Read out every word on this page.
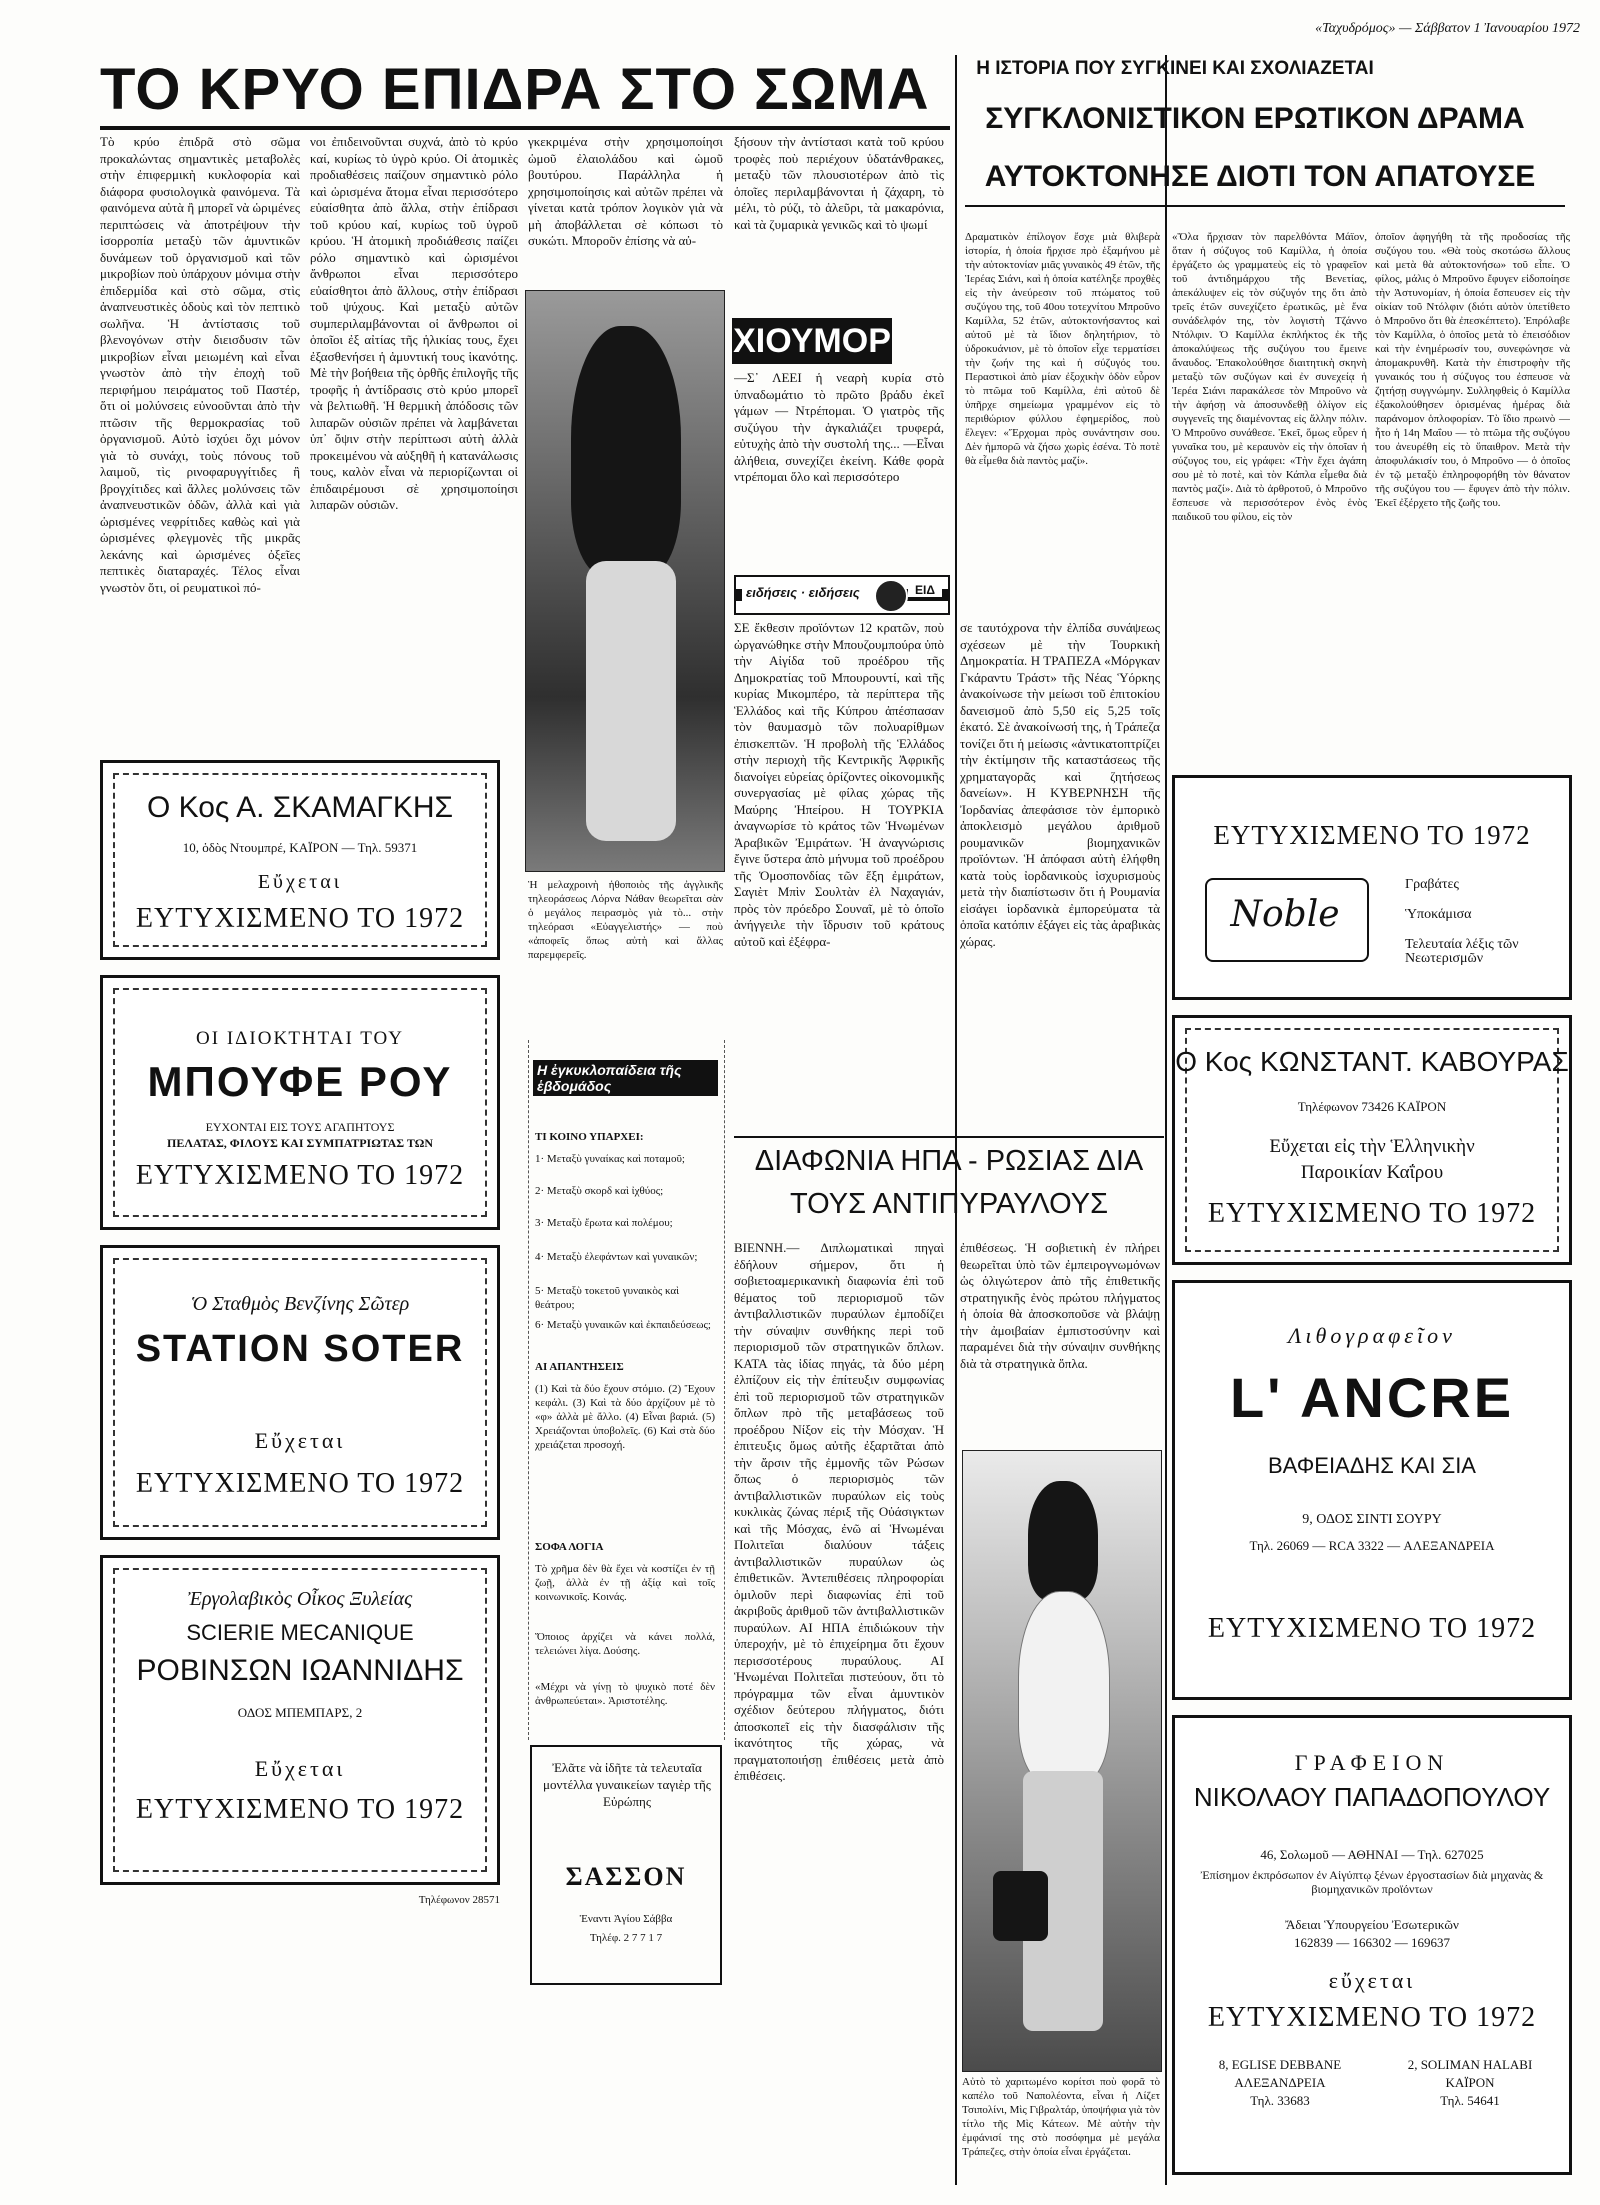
«Ταχυδρόμος» — Σάββατον 1 Ἰανουαρίου 1972
ΤΟ ΚΡΥΟ ΕΠΙΔΡΑ ΣΤΟ ΣΩΜΑ
Τὸ κρύο ἐπιδρᾶ στὸ σῶμα προκαλώντας σημαντικὲς μεταβολὲς στὴν ἐπιφερμικὴ κυκλοφορία καὶ διάφορα φυσιολογικὰ φαινόμενα. Τὰ φαινόμενα αὐτὰ ἢ μπορεῖ νὰ ὡριμένες περιπτώσεις νὰ ἀποτρέψουν τὴν ἰσορροπία μεταξὺ τῶν ἀμυντικῶν δυνάμεων τοῦ ὀργανισμοῦ καὶ τῶν μικροβίων ποὺ ὑπάρχουν μόνιμα στὴν ἐπιδερμίδα καὶ στὸ σῶμα, στὶς ἀναπνευστικὲς ὁδοὺς καὶ τὸν πεπτικὸ σωλῆνα. Ἡ ἀντίστασις τοῦ βλενογόνων στὴν διεισδυσιν τῶν μικροβίων εἶναι μειωμένη καὶ εἶναι γνωστὸν ἀπὸ τὴν ἐποχὴ τοῦ περιφήμου πειράματος τοῦ Παστέρ, ὅτι οἱ μολύνσεις εὐνοοῦνται ἀπὸ τὴν πτῶσιν τῆς θερμοκρασίας τοῦ ὀργανισμοῦ. Αὐτὸ ἰσχύει ὄχι μόνον γιὰ τὸ συνάχι, τοὺς πόνους τοῦ λαιμοῦ, τὶς ρινοφαρυγγίτιδες ἢ βρογχίτιδες καὶ ἄλλες μολύνσεις τῶν ἀναπνευστικῶν ὁδῶν, ἀλλὰ καὶ γιὰ ὡρισμένες νεφρίτιδες καθὼς καὶ γιὰ ὡρισμένες φλεγμονὲς τῆς μικρᾶς λεκάνης καὶ ὡρισμένες ὀξεῖες πεπτικὲς διαταραχές. Τέλος εἶναι γνωστὸν ὅτι, οἱ ρευματικοὶ πό-
νοι ἐπιδεινοῦνται συχνά, ἀπὸ τὸ κρύο καί, κυρίως τὸ ὑγρὸ κρύο. Οἱ ἀτομικὲς προδιαθέσεις παίζουν σημαντικὸ ρόλο καὶ ὡρισμένα ἄτομα εἶναι περισσότερο εὐαίσθητα ἀπὸ ἄλλα, στὴν ἐπίδρασι τοῦ κρύου καί, κυρίως τοῦ ὑγροῦ κρύου. Ἡ ἀτομικὴ προδιάθεσις παίζει ρόλο σημαντικὸ καὶ ὡρισμένοι ἄνθρωποι εἶναι περισσότερο εὐαίσθητοι ἀπὸ ἄλλους, στὴν ἐπίδρασι τοῦ ψύχους. Καὶ μεταξὺ αὐτῶν συμπεριλαμβάνονται οἱ ἄνθρωποι οἱ ὁποῖοι ἐξ αἰτίας τῆς ἡλικίας τους, ἔχει ἐξασθενήσει ἡ ἀμυντική τους ἱκανότης. Μὲ τὴν βοήθεια τῆς ὀρθῆς ἐπιλογῆς τῆς τροφῆς ἡ ἀντίδρασις στὸ κρύο μπορεῖ νὰ βελτιωθῆ. Ἡ θερμικὴ ἀπόδοσις τῶν λιπαρῶν οὐσιῶν πρέπει νὰ λαμβάνεται ὑπ᾽ ὄψιν στὴν περίπτωσι αὐτὴ ἀλλὰ προκειμένου νὰ αὐξηθῆ ἡ κατανάλωσις τους, καλὸν εἶναι νὰ περιορίζωνται οἱ ἐπιδαιρέμουσι σὲ χρησιμοποίησι λιπαρῶν οὐσιῶν.
γκεκριμένα στὴν χρησιμοποίησι ὡμοῦ ἐλαιολάδου καὶ ὡμοῦ βουτύρου. Παράλληλα ἡ χρησιμοποίησις καὶ αὐτῶν πρέπει νὰ γίνεται κατὰ τρόπον λογικὸν γιὰ νὰ μὴ ἀποβάλλεται σὲ κόπωσι τὸ συκώτι. Μποροῦν ἐπίσης νὰ αὐ-
ξήσουν τὴν ἀντίστασι κατὰ τοῦ κρύου τροφὲς ποὺ περιέχουν ὑδατάνθρακες, μεταξὺ τῶν πλουσιοτέρων ἀπὸ τὶς ὁποῖες περιλαμβάνονται ἡ ζάχαρη, τὸ μέλι, τὸ ρύζι, τὸ ἀλεῦρι, τὰ μακαρόνια, καὶ τὰ ζυμαρικὰ γενικῶς καὶ τὸ ψωμί
Ἡ μελαχροινὴ ἡθοποιὸς τῆς ἀγγλικῆς τηλεοράσεως Λόρνα Νάθαν θεωρεῖται σὰν ὁ μεγάλος πειρασμὸς γιὰ τὸ... στὴν τηλεόρασι «Εὐαγγελιστής» — ποὺ «ἀποφεῖς ὅπως αὐτὴ καὶ ἄλλας παρεμφερεῖς.
ΧΙΟΥΜΟΡ
—Σ᾽ ΛΕΕΙ ἡ νεαρὴ κυρία στὸ ὑπναδωμάτιο τὸ πρῶτο βράδυ ἐκεῖ γάμων — Ντρέπομαι. Ὁ γιατρὸς τῆς συζύγου τὴν ἀγκαλιάζει τρυφερά, εὐτυχὴς ἀπὸ τὴν συστολή της... —Εἶναι ἀλήθεια, συνεχίζει ἐκείνη. Κάθε φορὰ ντρέπομαι ὅλο καὶ περισσότερο
ειδήσεις · ειδήσεις	ΕΙΔ
ΣΕ ἔκθεσιν προϊόντων 12 κρατῶν, ποὺ ὠργανώθηκε στὴν Μπουζουμπούρα ὑπὸ τὴν Αἰγίδα τοῦ προέδρου τῆς Δημοκρατίας τοῦ Μπουρουντί, καὶ τῆς κυρίας Μικομπέρο, τὰ περίπτερα τῆς Ἑλλάδος καὶ τῆς Κύπρου ἀπέσπασαν τὸν θαυμασμὸ τῶν πολυαρίθμων ἐπισκεπτῶν. Ἡ προβολὴ τῆς Ἑλλάδος στὴν περιοχὴ τῆς Κεντρικῆς Ἀφρικῆς διανοίγει εὐρείας ὁρίζοντες οἰκονομικῆς συνεργασίας μὲ φίλας χώρας τῆς Μαύρης Ἠπείρου. Η ΤΟΥΡΚΙΑ ἀναγνωρίσε τὸ κράτος τῶν Ἡνωμένων Ἀραβικῶν Ἐμιράτων. Ἡ ἀναγνώρισις ἔγινε ὕστερα ἀπὸ μήνυμα τοῦ προέδρου τῆς Ὁμοσπονδίας τῶν ἕξη ἐμιράτων, Σαγιὲτ Μπὶν Σουλτὰν ἐλ Ναχαγιάν, πρὸς τὸν πρόεδρο Σουναῖ, μὲ τὸ ὁποῖο ἀνήγγειλε τὴν ἵδρυσιν τοῦ κράτους αὐτοῦ καὶ ἐξέφρα-
σε ταυτόχρονα τὴν ἐλπίδα συνάψεως σχέσεων μὲ τὴν Τουρκικὴ Δημοκρατία. Η ΤΡΑΠΕΖΑ «Μόργκαν Γκάραντυ Τράστ» τῆς Νέας Ὑόρκης ἀνακοίνωσε τὴν μείωσι τοῦ ἐπιτοκίου δανεισμοῦ ἀπὸ 5,50 εἰς 5,25 τοῖς ἑκατό. Σὲ ἀνακοίνωσή της, ἡ Τράπεζα τονίζει ὅτι ἡ μείωσις «ἀντικατοπτρίζει τὴν ἐκτίμησιν τῆς καταστάσεως τῆς χρηματαγορᾶς καὶ ζητήσεως δανείων». Η ΚΥΒΕΡΝΗΣΗ τῆς Ἰορδανίας ἀπεφάσισε τὸν ἐμπορικὸ ἀποκλεισμὸ μεγάλου ἀριθμοῦ ρουμανικῶν βιομηχανικῶν προϊόντων. Ἡ ἀπόφασι αὐτὴ ἐλήφθη κατὰ τοὺς ἰορδανικοὺς ἰσχυρισμοὺς μετὰ τὴν διαπίστωσιν ὅτι ἡ Ρουμανία εἰσάγει ἰορδανικὰ ἐμπορεύματα τὰ ὁποῖα κατόπιν ἐξάγει εἰς τὰς ἀραβικὰς χώρας.
Η ΙΣΤΟΡΙΑ ΠΟΥ ΣΥΓΚΙΝΕΙ ΚΑΙ ΣΧΟΛΙΑΖΕΤΑΙ
ΣΥΓΚΛΟΝΙΣΤΙΚΟΝ ΕΡΩΤΙΚΟΝ ΔΡΑΜΑ
ΑΥΤΟΚΤΟΝΗΣΕ ΔΙΟΤΙ ΤΟΝ ΑΠΑΤΟΥΣΕ
Δραματικὸν ἐπίλογον ἔσχε μιὰ θλιβερὰ ἱστορία, ἡ ὁποία ἤρχισε πρὸ ἑξαμήνου μὲ τὴν αὐτοκτονίαν μιᾶς γυναικὸς 49 ἐτῶν, τῆς Ἱερέας Σιάνι, καὶ ἡ ὁποία κατέληξε προχθὲς εἰς τὴν ἀνεύρεσιν τοῦ πτώματος τοῦ συζύγου της, τοῦ 40ου τοτεχνίτου Μπροῦνο Καμίλλα, 52 ἐτῶν, αὐτοκτονήσαντος καὶ αὐτοῦ μὲ τὰ ἴδιον δηλητήριον, τὸ ὑδροκυάνιον, μὲ τὸ ὁποῖον εἶχε τερματίσει τὴν ζωήν της καὶ ἡ σύζυγός του. Περαστικοὶ ἀπὸ μίαν ἐξοχικὴν ὁδὸν εὗρον τὸ πτῶμα τοῦ Καμίλλα, ἐπὶ αὐτοῦ δὲ ὑπῆρχε σημείωμα γραμμένον εἰς τὸ περιθώριον φύλλου ἐφημερίδος, ποὺ ἔλεγεν: «Ἔρχομαι πρὸς συνάντησιν σου. Δὲν ἠμπορῶ νὰ ζήσω χωρὶς ἐσένα. Τὸ ποτὲ θὰ εἶμεθα διὰ παντὸς μαζί».
«Ὅλα ἤρχισαν τὸν παρελθόντα Μάϊον, ὅταν ἡ σύζυγος τοῦ Καμίλλα, ἡ ὁποία ἐργάζετο ὡς γραμματεὺς εἰς τὸ γραφεῖον τοῦ ἀντιδημάρχου τῆς Βενετίας, ἀπεκάλυψεν εἰς τὸν σύζυγόν της ὅτι ἀπὸ τρεῖς ἐτῶν συνεχίζετο ἐρωτικῶς, μὲ ἕνα συνάδελφόν της, τὸν λογιστὴ Τζάννο Ντόλφιν. Ὁ Καμίλλα ἐκπλήκτος ἐκ τῆς ἀποκαλύψεως τῆς συζύγου του ἔμεινε ἄναυδος. Ἐπακολούθησε διαιτητικὴ σκηνὴ μεταξὺ τῶν συζύγων καὶ ἐν συνεχείᾳ ἡ Ἱερέα Σιάνι παρακάλεσε τὸν Μπροῦνο νὰ τὴν ἀφήσῃ νὰ ἀποσυνδεθῇ ὀλίγον εἰς συγγενεῖς της διαμένοντας εἰς ἄλλην πόλιν. Ὁ Μπροῦνο συνάθεσε. Ἐκεῖ, ὅμως εὗρεν ἡ γυναῖκα του, μὲ κεραυνὸν εἰς τὴν ὁποῖαν ἡ σύζυγος του, εἰς γράφει: «Τὴν ἔχει ἀγάπη σου μὲ τὸ ποτὲ, καὶ τὸν Κάπλα εἶμεθα διὰ παντὸς μαζί». Διὰ τὸ ἀρθροτοῦ, ὁ Μπροῦνο ἔσπευσε νὰ περισσότερον ἐνὸς ἑνὸς παιδικοῦ του φίλου, εἰς τὸν
ὁποῖον ἀφηγήθη τὰ τῆς προδοσίας τῆς συζύγου του. «Θὰ τοὺς σκοτώσω ἄλλους καὶ μετὰ θὰ αὐτοκτονήσω» τοῦ εἶπε. Ὁ φίλος, μάλις ὁ Μπροῦνο ἔφυγεν εἰδοποίησε τὴν Ἀστυνομίαν, ἡ ὁποία ἔσπευσεν εἰς τὴν οἰκίαν τοῦ Ντόλφιν (διότι αὐτὸν ὑπετίθετο ὁ Μπροῦνο ὅτι θὰ ἐπεσκέπτετο). Ἐπρόλαβε τὸν Καμίλλα, ὁ ὁποῖος μετὰ τὸ ἐπεισόδιον καὶ τὴν ἐνημέρωσίν του, συνεφώνησε νὰ ἀπομακρυνθῆ. Κατὰ τὴν ἐπιστροφὴν τῆς γυναικός του ἡ σύζυγος του ἐσπευσε νὰ ζητήσῃ συγγνώμην. Συλληφθεὶς ὁ Καμίλλα ἐξακολούθησεν ὁρισμένας ἡμέρας διὰ παράνομον ὁπλοφορίαν. Τὸ ἴδιο πρωινὸ — ἦτο ἡ 14η Μαΐου — τὸ πτῶμα τῆς συζύγου του ἀνευρέθη εἰς τὸ ὕπαιθρον. Μετὰ τὴν ἀποφυλάκισίν του, ὁ Μπροῦνο — ὁ ὁποῖος ἐν τῷ μεταξὺ ἐπληροφορήθη τὸν θάνατον τῆς συζύγου του — ἔφυγεν ἀπὸ τὴν πόλιν. Ἐκεῖ ἐξέρχετο τῆς ζωῆς του.
Η ἐγκυκλοπαίδεια τῆς ἑβδομάδος
ΤΙ ΚΟΙΝΟ ΥΠΑΡΧΕΙ:
1· Μεταξὺ γυναίκας καὶ ποταμοῦ;
2· Μεταξὺ σκορδ καὶ ἰχθύος;
3· Μεταξὺ ἔρωτα καὶ πολέμου;
4· Μεταξὺ ἐλεφάντων καὶ γυναικῶν;
5· Μεταξὺ τοκετοῦ γυναικὸς καὶ θεάτρου;
6· Μεταξὺ γυναικῶν καὶ ἐκπαιδεύσεως;
ΑΙ ΑΠΑΝΤΗΣΕΙΣ
(1) Καὶ τὰ δύο ἔχουν στόμιο. (2) Ἔχουν κεφάλι. (3) Καὶ τὰ δύο ἀρχίζουν μὲ τὸ «φ» ἀλλὰ μὲ ἄλλο. (4) Εἶναι βαριά. (5) Χρειάζονται ὑποβολεῖς. (6) Καὶ στὰ δύο χρειάζεται προσοχή.
ΣΟΦΑ ΛΟΓΙΑ
Τὸ χρῆμα δὲν θὰ ἔχει νὰ κοστίζει ἐν τῇ ζωῇ, ἀλλὰ ἐν τῇ ἀξίᾳ καὶ τοῖς κοινωνικοῖς. Κοινάς.
Ὅποιος ἀρχίζει νὰ κάνει πολλά, τελειώνει λίγα. Δούσης.
«Μέχρι νὰ γίνῃ τὸ ψυχικὸ ποτέ δὲν ἀνθρωπεύεται». Ἀριστοτέλης.
Ἐλᾶτε νὰ ἰδῆτε τὰ τελευταῖα μοντέλλα γυναικείων ταγιὲρ τῆς Εὐρώπης
ΣΑΣΣΟΝ
Ἐναντι Ἁγίου Σάββα
Τηλέφ. 2 7 7 1 7
ΔΙΑΦΩΝΙΑ ΗΠΑ - ΡΩΣΙΑΣ ΔΙΑ
ΤΟΥΣ ΑΝΤΙΠΥΡΑΥΛΟΥΣ
ΒΙΕΝΝΗ.— Διπλωματικαὶ πηγαὶ ἐδήλουν σήμερον, ὅτι ἡ σοβιετοαμερικανικὴ διαφωνία ἐπὶ τοῦ θέματος τοῦ περιορισμοῦ τῶν ἀντιβαλλιστικῶν πυραύλων ἐμποδίζει τὴν σύναψιν συνθήκης περὶ τοῦ περιορισμοῦ τῶν στρατηγικῶν ὅπλων. ΚΑΤΑ τὰς ἰδίας πηγάς, τὰ δύο μέρη ἐλπίζουν εἰς τὴν ἐπίτευξιν συμφωνίας ἐπὶ τοῦ περιορισμοῦ τῶν στρατηγικῶν ὅπλων πρὸ τῆς μεταβάσεως τοῦ προέδρου Νίξον εἰς τὴν Μόσχαν. Ἡ ἐπιτευξις ὅμως αὐτῆς ἐξαρτᾶται ἀπὸ τὴν ἄρσιν τῆς ἐμμονῆς τῶν Ρώσων ὅπως ὁ περιορισμὸς τῶν ἀντιβαλλιστικῶν πυραύλων εἰς τοὺς κυκλικὰς ζώνας πέριξ τῆς Οὐάσιγκτων καὶ τῆς Μόσχας, ἐνῶ αἱ Ἡνωμέναι Πολιτεῖαι διαλύουν τάξεις ἀντιβαλλιστικῶν πυραύλων ὡς ἐπιθετικῶν. Ἀντεπιθέσεις πληροφορίαι ὁμιλοῦν περὶ διαφωνίας ἐπὶ τοῦ ἀκριβοῦς ἀριθμοῦ τῶν ἀντιβαλλιστικῶν πυραύλων. ΑΙ ΗΠΑ ἐπιδιώκουν τὴν ὑπεροχήν, μὲ τὸ ἐπιχείρημα ὅτι ἔχουν περισσοτέρους πυραύλους. ΑΙ Ἡνωμέναι Πολιτεῖαι πιστεύουν, ὅτι τὸ πρόγραμμα τῶν εἶναι ἀμυντικὸν σχέδιον δεύτερου πλήγματος, διότι ἀποσκοπεῖ εἰς τὴν διασφάλισιν τῆς ἱκανότητος τῆς χώρας, νὰ πραγματοποιήσῃ ἐπιθέσεις μετὰ ἀπὸ ἐπιθέσεις.
ἐπιθέσεως. Ἡ σοβιετικὴ ἐν πλήρει θεωρεῖται ὑπὸ τῶν ἐμπειρογνωμόνων ὡς ὁλιγώτερον ἀπὸ τῆς ἐπιθετικῆς στρατηγικῆς ἐνὸς πρώτου πλήγματος ἡ ὁποία θὰ ἀποσκοποῦσε νὰ βλάψῃ τὴν ἀμοιβαίαν ἐμπιστοσύνην καὶ παραμένει διὰ τὴν σύναψιν συνθήκης διὰ τὰ στρατηγικὰ ὅπλα.
Αὐτὸ τὸ χαριτωμένο κορίτσι ποὺ φορᾶ τὸ καπέλο τοῦ Ναπολέοντα, εἶναι ἡ Λίζετ Τσιπολίνι, Μὶς Γιβραλτάρ, ὑποψήφια γιὰ τὸν τίτλο τῆς Μὶς Κάτεων. Μὲ αὐτὴν τὴν ἐμφάνισί της στὸ ποσόφημα μὲ μεγάλα Τράπεζες, στὴν ὁποία εἶναι ἐργάζεται.
Ο Κος Α. ΣΚΑΜΑΓΚΗΣ
10, ὁδὸς Ντουμπρέ, ΚΑΪΡΟΝ — Τηλ. 59371
Εὔχεται
ΕΥΤΥΧΙΣΜΕΝΟ ΤΟ 1972
ΟΙ ΙΔΙΟΚΤΗΤΑΙ ΤΟΥ
ΜΠΟΥΦΕ ΡΟΥ
ΕΥΧΟΝΤΑΙ ΕΙΣ ΤΟΥΣ ΑΓΑΠΗΤΟΥΣ
ΠΕΛΑΤΑΣ, ΦΙΛΟΥΣ ΚΑΙ ΣΥΜΠΑΤΡΙΩΤΑΣ ΤΩΝ
ΕΥΤΥΧΙΣΜΕΝΟ ΤΟ 1972
Ὁ Σταθμὸς Βενζίνης Σῶτερ
STATION SOTER
Εὔχεται
ΕΥΤΥΧΙΣΜΕΝΟ ΤΟ 1972
Ἐργολαβικὸς Οἶκος Ξυλείας
SCIERIE MECANIQUE
ΡΟΒΙΝΣΩΝ ΙΩΑΝΝΙΔΗΣ
ΟΔΟΣ ΜΠΕΜΠΑΡΣ, 2
Εὔχεται
ΕΥΤΥΧΙΣΜΕΝΟ ΤΟ 1972
Τηλέφωνον 28571
ΕΥΤΥΧΙΣΜΕΝΟ ΤΟ 1972
Noble
Γραβάτες
Ὑποκάμισα
Τελευταία λέξις τῶν Νεωτερισμῶν
Ο Κος ΚΩΝΣΤΑΝΤ. ΚΑΒΟΥΡΑΣ
Τηλέφωνον 73426 ΚΑΪΡΟΝ
Εὔχεται εἰς τὴν Ἑλληνικὴν
Παροικίαν Καΐρου
ΕΥΤΥΧΙΣΜΕΝΟ ΤΟ 1972
Λιθογραφεῖον
L' ANCRE
ΒΑΦΕΙΑΔΗΣ ΚΑΙ ΣΙΑ
9, ΟΔΟΣ ΣΙΝΤΙ ΣΟΥΡΥ
Τηλ. 26069 — RCA 3322 — ΑΛΕΞΑΝΔΡΕΙΑ
ΕΥΤΥΧΙΣΜΕΝΟ ΤΟ 1972
ΓΡΑΦΕΙΟΝ
ΝΙΚΟΛΑΟΥ ΠΑΠΑΔΟΠΟΥΛΟΥ
46, Σολωμοῦ — ΑΘΗΝΑΙ — Τηλ. 627025
Ἐπίσημον ἐκπρόσωπον ἐν Αἰγύπτῳ ξένων ἐργοστασίων διὰ μηχανὰς & βιομηχανικῶν προϊόντων
Ἄδειαι Ὑπουργείου Ἐσωτερικῶν
162839 — 166302 — 169637
εὔχεται
ΕΥΤΥΧΙΣΜΕΝΟ ΤΟ 1972
8, EGLISE DEBBANE
ΑΛΕΞΑΝΔΡΕΙΑ
Τηλ. 33683
2, SOLIMAN HALABI
ΚΑΪΡΟΝ
Τηλ. 54641
